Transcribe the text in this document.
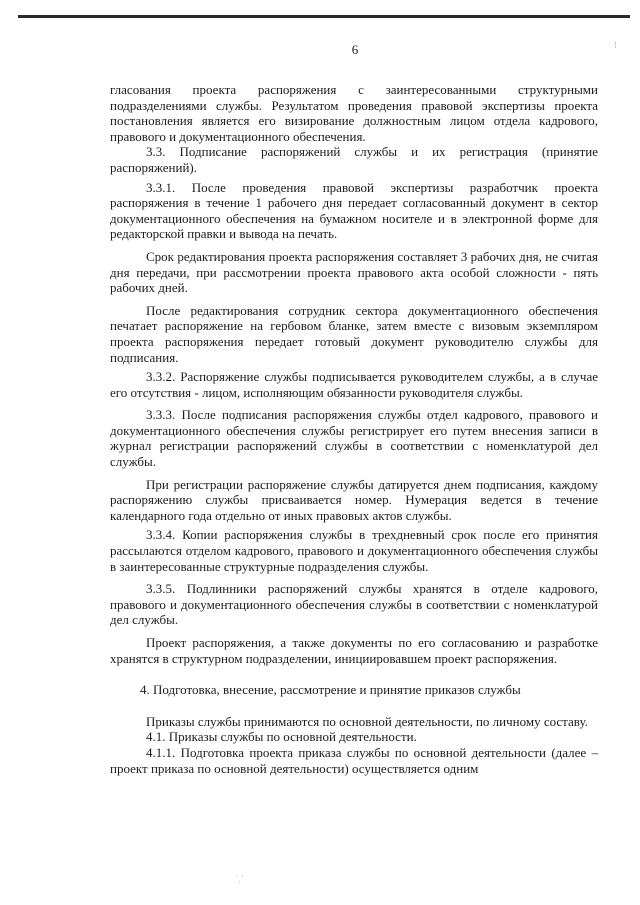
6

гласования проекта распоряжения с заинтересованными структурными подразделениями службы. Результатом проведения правовой экспертизы проекта постановления является его визирование должностным лицом отдела кадрового, правового и документационного обеспечения.

3.3. Подписание распоряжений службы и их регистрация (принятие распоряжений).

3.3.1. После проведения правовой экспертизы разработчик проекта распоряжения в течение 1 рабочего дня передает согласованный документ в сектор документационного обеспечения на бумажном носителе и в электронной форме для редакторской правки и вывода на печать.

Срок редактирования проекта распоряжения составляет 3 рабочих дня, не считая дня передачи, при рассмотрении проекта правового акта особой сложности - пять рабочих дней.

После редактирования сотрудник сектора документационного обеспечения печатает распоряжение на гербовом бланке, затем вместе с визовым экземпляром проекта распоряжения передает готовый документ руководителю службы для подписания.

3.3.2. Распоряжение службы подписывается руководителем службы, а в случае его отсутствия - лицом, исполняющим обязанности руководителя службы.

3.3.3. После подписания распоряжения службы отдел кадрового, правового и документационного обеспечения службы регистрирует его путем внесения записи в журнал регистрации распоряжений службы в соответствии с номенклатурой дел службы.

При регистрации распоряжение службы датируется днем подписания, каждому распоряжению службы присваивается номер. Нумерация ведется в течение календарного года отдельно от иных правовых актов службы.

3.3.4. Копии распоряжения службы в трехдневный срок после его принятия рассылаются отделом кадрового, правового и документационного обеспечения службы в заинтересованные структурные подразделения службы.

3.3.5. Подлинники распоряжений службы хранятся в отделе кадрового, правового и документационного обеспечения службы в соответствии с номенклатурой дел службы.

Проект распоряжения, а также документы по его согласованию и разработке хранятся в структурном подразделении, инициировавшем проект распоряжения.

4. Подготовка, внесение, рассмотрение и принятие приказов службы

Приказы службы принимаются по основной деятельности, по личному составу.

4.1. Приказы службы по основной деятельности.

4.1.1. Подготовка проекта приказа службы по основной деятельности (далее – проект приказа по основной деятельности) осуществляется одним

⁝
⸪
